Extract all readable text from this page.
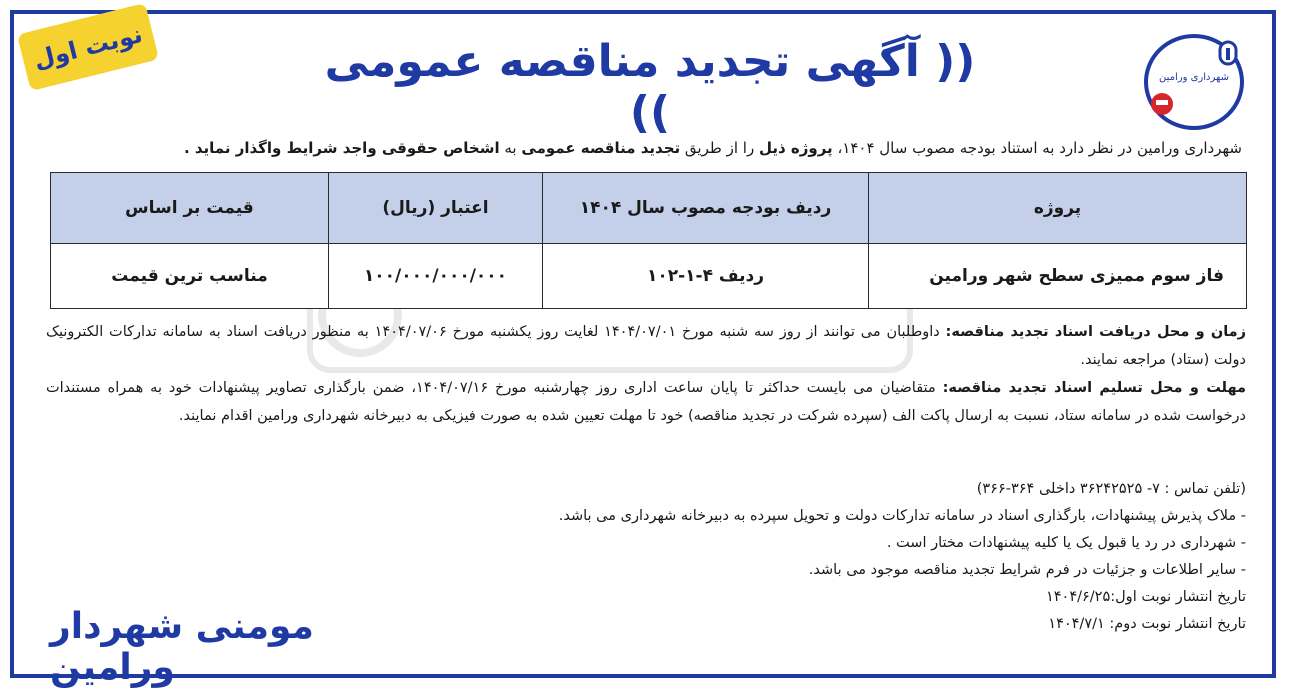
نوبت اول	(( آگهی تجدید مناقصه عمومی ))
شهرداری ورامین
شهرداری ورامین در نظر دارد به استناد بودجه مصوب سال ۱۴۰۴، پروژه ذیل را از طریق تجدید مناقصه عمومی به اشخاص حقوقی واجد شرایط واگذار نماید .
پروژه	ردیف بودجه مصوب سال ۱۴۰۴	اعتبار (ریال)	قیمت بر اساس
فاز سوم ممیزی سطح شهر ورامین	ردیف ۴-۱-۱۰۲	۱۰۰/۰۰۰/۰۰۰/۰۰۰	مناسب ترین قیمت

زمان و محل دریافت اسناد تجدید مناقصه: داوطلبان می توانند از روز سه شنبه مورخ ۱۴۰۴/۰۷/۰۱ لغایت روز یکشنبه مورخ ۱۴۰۴/۰۷/۰۶ به منظور دریافت اسناد به سامانه تدارکات الکترونیک دولت (ستاد) مراجعه نمایند.

مهلت و محل تسلیم اسناد تجدید مناقصه: متقاضیان می بایست حداکثر تا پایان ساعت اداری روز چهارشنبه مورخ ۱۴۰۴/۰۷/۱۶، ضمن بارگذاری تصاویر پیشنهادات خود به همراه مستندات درخواست شده در سامانه ستاد، نسبت به ارسال پاکت الف (سپرده شرکت در تجدید مناقصه) خود تا مهلت تعیین شده به صورت فیزیکی به دبیرخانه شهرداری ورامین اقدام نمایند.

(تلفن تماس : ۷- ۳۶۲۴۲۵۲۵ داخلی ۳۶۴-۳۶۶)
- ملاک پذیرش پیشنهادات، بارگذاری اسناد در سامانه تدارکات دولت و تحویل سپرده به دبیرخانه شهرداری می باشد.
- شهرداری در رد یا قبول یک یا کلیه پیشنهادات مختار است .
- سایر اطلاعات و جزئیات در فرم شرایط تجدید مناقصه موجود می باشد.
تاریخ انتشار نوبت اول:۱۴۰۴/۶/۲۵
تاریخ انتشار نوبت دوم: ۱۴۰۴/۷/۱
مومنی شهردار ورامین
